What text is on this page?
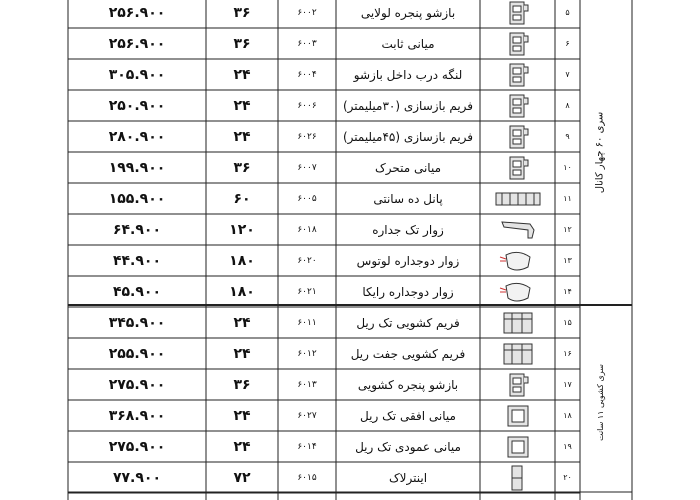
۲۵۶.۹۰۰	۳۶	۶۰۰۲	بازشو پنجره لولایی	۵
۲۵۶.۹۰۰	۳۶	۶۰۰۳	میانی ثابت	۶
۳۰۵.۹۰۰	۲۴	۶۰۰۴	لنگه درب داخل بازشو	۷
۲۵۰.۹۰۰	۲۴	۶۰۰۶	فریم بازسازی (۳۰میلیمتر)	۸
۲۸۰.۹۰۰	۲۴	۶۰۲۶	فریم بازسازی (۴۵میلیمتر)	۹
۱۹۹.۹۰۰	۳۶	۶۰۰۷	میانی متحرک	۱۰
۱۵۵.۹۰۰	۶۰	۶۰۰۵	پانل ده سانتی	۱۱
۶۴.۹۰۰	۱۲۰	۶۰۱۸	زوار تک جداره	۱۲
۴۴.۹۰۰	۱۸۰	۶۰۲۰	زوار دوجداره لوتوس	۱۳
۴۵.۹۰۰	۱۸۰	۶۰۲۱	زوار دوجداره رایکا	۱۴
۳۴۵.۹۰۰	۲۴	۶۰۱۱	فریم کشویی تک ریل	۱۵
۲۵۵.۹۰۰	۲۴	۶۰۱۲	فریم کشویی جفت ریل	۱۶
۲۷۵.۹۰۰	۳۶	۶۰۱۳	بازشو پنجره کشویی	۱۷
۳۶۸.۹۰۰	۲۴	۶۰۲۷	میانی افقی تک ریل	۱۸
۲۷۵.۹۰۰	۲۴	۶۰۱۴	میانی عمودی تک ریل	۱۹
۷۷.۹۰۰	۷۲	۶۰۱۵	اینترلاک	۲۰
سری ۶۰ چهار کانال
سری کشویی ۱۱ سانت
